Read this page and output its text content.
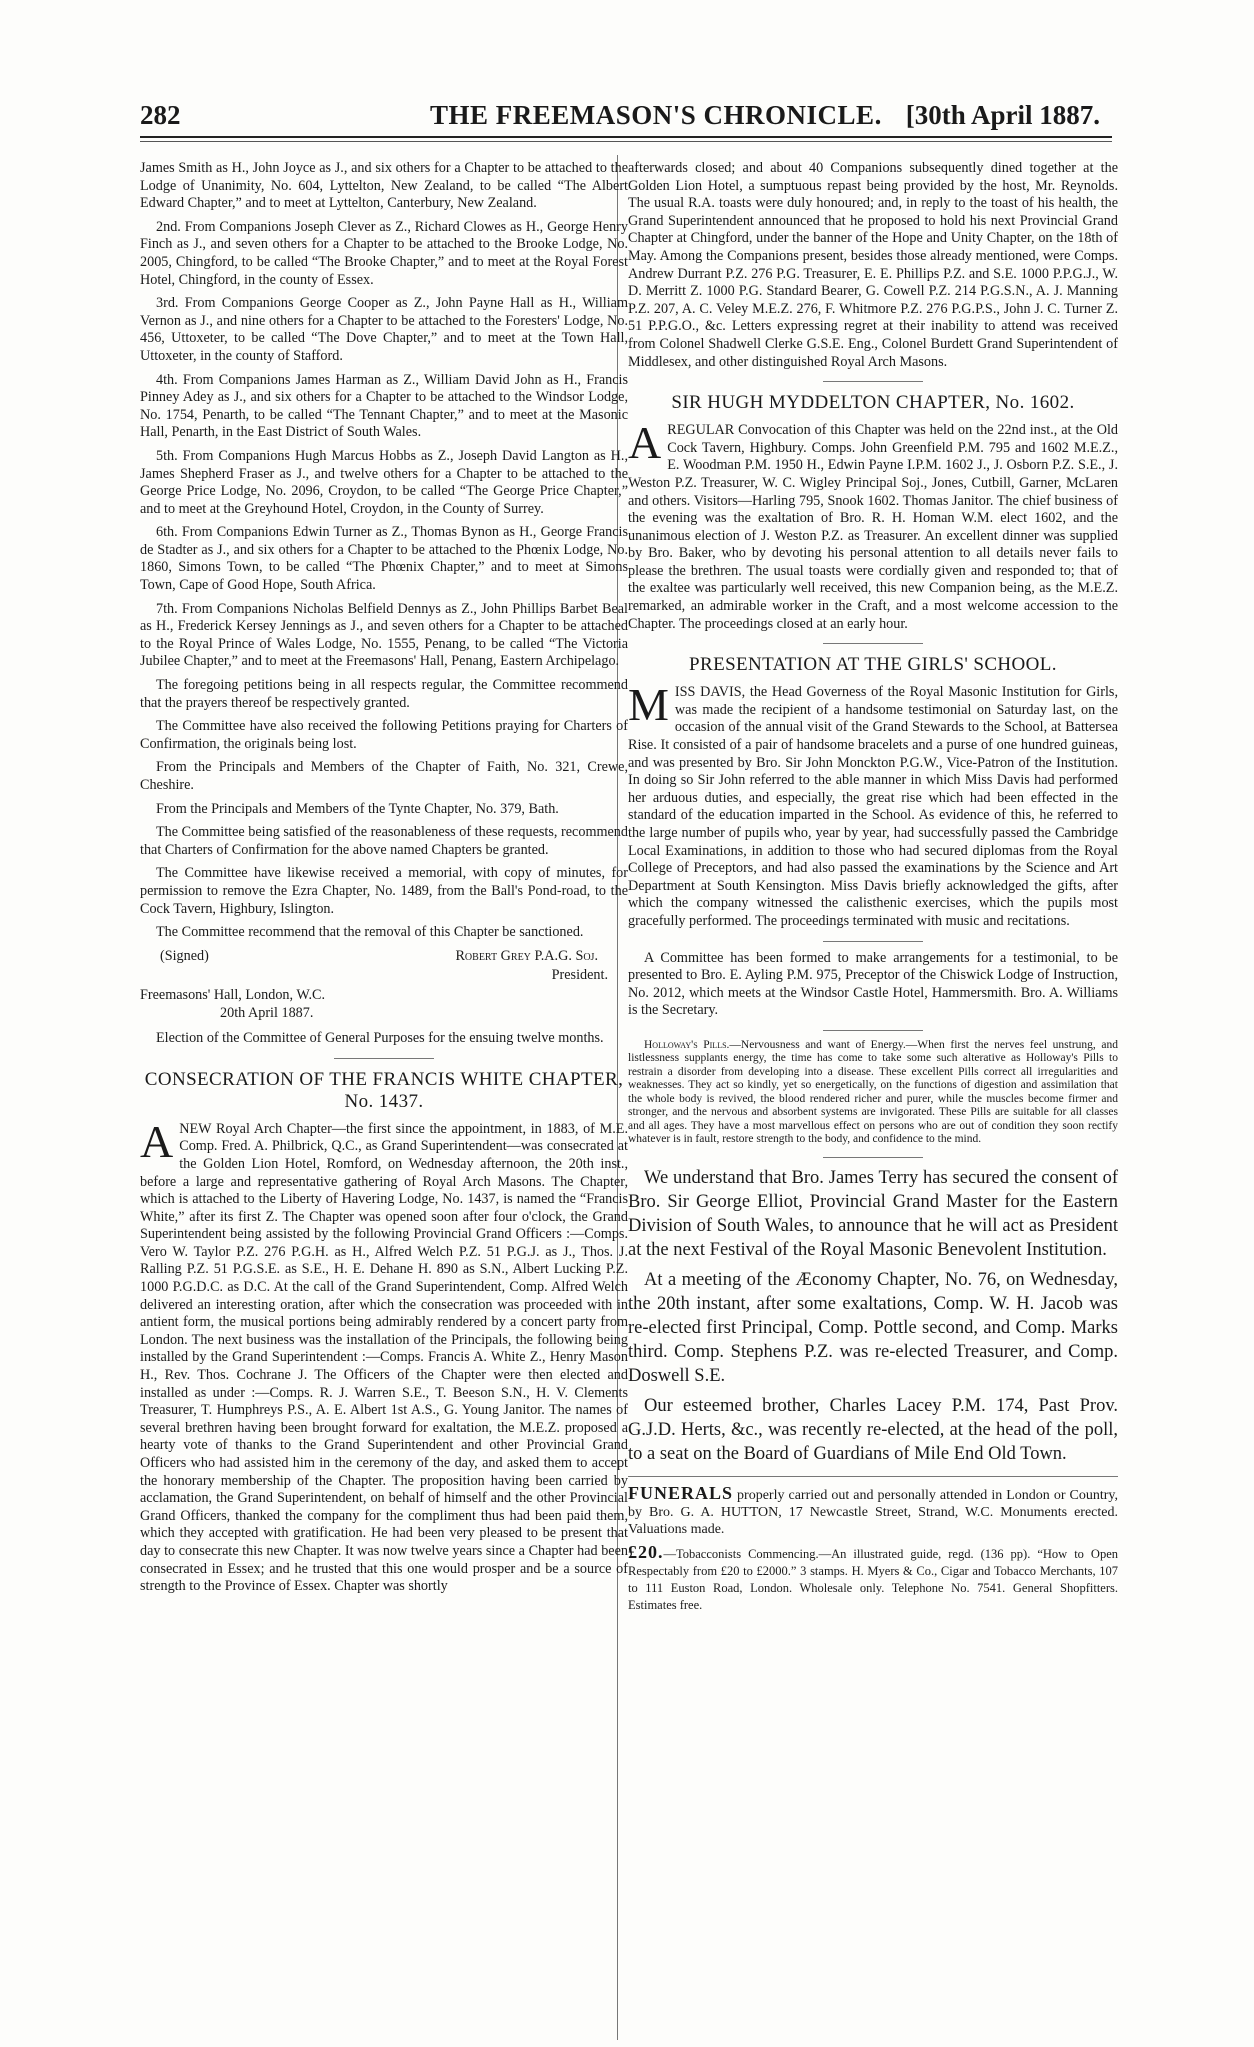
282	THE FREEMASON'S CHRONICLE. [30th April 1887.

James Smith as H., John Joyce as J., and six others for a Chapter to be attached to the Lodge of Unanimity, No. 604, Lyttelton, New Zealand, to be called “The Albert Edward Chapter,” and to meet at Lyttelton, Canterbury, New Zealand.

2nd. From Companions Joseph Clever as Z., Richard Clowes as H., George Henry Finch as J., and seven others for a Chapter to be attached to the Brooke Lodge, No. 2005, Chingford, to be called “The Brooke Chapter,” and to meet at the Royal Forest Hotel, Chingford, in the county of Essex.

3rd. From Companions George Cooper as Z., John Payne Hall as H., William Vernon as J., and nine others for a Chapter to be attached to the Foresters' Lodge, No. 456, Uttoxeter, to be called “The Dove Chapter,” and to meet at the Town Hall, Uttoxeter, in the county of Stafford.

4th. From Companions James Harman as Z., William David John as H., Francis Pinney Adey as J., and six others for a Chapter to be attached to the Windsor Lodge, No. 1754, Penarth, to be called “The Tennant Chapter,” and to meet at the Masonic Hall, Penarth, in the East District of South Wales.

5th. From Companions Hugh Marcus Hobbs as Z., Joseph David Langton as H., James Shepherd Fraser as J., and twelve others for a Chapter to be attached to the George Price Lodge, No. 2096, Croydon, to be called “The George Price Chapter,” and to meet at the Greyhound Hotel, Croydon, in the County of Surrey.

6th. From Companions Edwin Turner as Z., Thomas Bynon as H., George Francis de Stadter as J., and six others for a Chapter to be attached to the Phœnix Lodge, No. 1860, Simons Town, to be called “The Phœnix Chapter,” and to meet at Simons Town, Cape of Good Hope, South Africa.

7th. From Companions Nicholas Belfield Dennys as Z., John Phillips Barbet Beal as H., Frederick Kersey Jennings as J., and seven others for a Chapter to be attached to the Royal Prince of Wales Lodge, No. 1555, Penang, to be called “The Victoria Jubilee Chapter,” and to meet at the Freemasons' Hall, Penang, Eastern Archipelago.

The foregoing petitions being in all respects regular, the Committee recommend that the prayers thereof be respectively granted.

The Committee have also received the following Petitions praying for Charters of Confirmation, the originals being lost.

From the Principals and Members of the Chapter of Faith, No. 321, Crewe, Cheshire.

From the Principals and Members of the Tynte Chapter, No. 379, Bath.

The Committee being satisfied of the reasonableness of these requests, recommend that Charters of Confirmation for the above named Chapters be granted.

The Committee have likewise received a memorial, with copy of minutes, for permission to remove the Ezra Chapter, No. 1489, from the Ball's Pond-road, to the Cock Tavern, Highbury, Islington.

The Committee recommend that the removal of this Chapter be sanctioned.

(Signed)	Robert Grey P.A.G. Soj.
President.

Freemasons' Hall, London, W.C.

20th April 1887.

Election of the Committee of General Purposes for the ensuing twelve months.

CONSECRATION OF THE FRANCIS WHITE CHAPTER, No. 1437.

ANEW Royal Arch Chapter—the first since the appointment, in 1883, of M.E. Comp. Fred. A. Philbrick, Q.C., as Grand Superintendent—was consecrated at the Golden Lion Hotel, Romford, on Wednesday afternoon, the 20th inst., before a large and representative gathering of Royal Arch Masons. The Chapter, which is attached to the Liberty of Havering Lodge, No. 1437, is named the “Francis White,” after its first Z. The Chapter was opened soon after four o'clock, the Grand Superintendent being assisted by the following Provincial Grand Officers :—Comps. Vero W. Taylor P.Z. 276 P.G.H. as H., Alfred Welch P.Z. 51 P.G.J. as J., Thos. J. Ralling P.Z. 51 P.G.S.E. as S.E., H. E. Dehane H. 890 as S.N., Albert Lucking P.Z. 1000 P.G.D.C. as D.C. At the call of the Grand Superintendent, Comp. Alfred Welch delivered an interesting oration, after which the consecration was proceeded with in antient form, the musical portions being admirably rendered by a concert party from London. The next business was the installation of the Principals, the following being installed by the Grand Superintendent :—Comps. Francis A. White Z., Henry Mason H., Rev. Thos. Cochrane J. The Officers of the Chapter were then elected and installed as under :—Comps. R. J. Warren S.E., T. Beeson S.N., H. V. Clements Treasurer, T. Humphreys P.S., A. E. Albert 1st A.S., G. Young Janitor. The names of several brethren having been brought forward for exaltation, the M.E.Z. proposed a hearty vote of thanks to the Grand Superintendent and other Provincial Grand Officers who had assisted him in the ceremony of the day, and asked them to accept the honorary membership of the Chapter. The proposition having been carried by acclamation, the Grand Superintendent, on behalf of himself and the other Provincial Grand Officers, thanked the company for the compliment thus had been paid them, which they accepted with gratification. He had been very pleased to be present that day to consecrate this new Chapter. It was now twelve years since a Chapter had been consecrated in Essex; and he trusted that this one would prosper and be a source of strength to the Province of Essex. Chapter was shortly

afterwards closed; and about 40 Companions subsequently dined together at the Golden Lion Hotel, a sumptuous repast being provided by the host, Mr. Reynolds. The usual R.A. toasts were duly honoured; and, in reply to the toast of his health, the Grand Superintendent announced that he proposed to hold his next Provincial Grand Chapter at Chingford, under the banner of the Hope and Unity Chapter, on the 18th of May. Among the Companions present, besides those already mentioned, were Comps. Andrew Durrant P.Z. 276 P.G. Treasurer, E. E. Phillips P.Z. and S.E. 1000 P.P.G.J., W. D. Merritt Z. 1000 P.G. Standard Bearer, G. Cowell P.Z. 214 P.G.S.N., A. J. Manning P.Z. 207, A. C. Veley M.E.Z. 276, F. Whitmore P.Z. 276 P.G.P.S., John J. C. Turner Z. 51 P.P.G.O., &c. Letters expressing regret at their inability to attend was received from Colonel Shadwell Clerke G.S.E. Eng., Colonel Burdett Grand Superintendent of Middlesex, and other distinguished Royal Arch Masons.

SIR HUGH MYDDELTON CHAPTER, No. 1602.

AREGULAR Convocation of this Chapter was held on the 22nd inst., at the Old Cock Tavern, Highbury. Comps. John Greenfield P.M. 795 and 1602 M.E.Z., E. Woodman P.M. 1950 H., Edwin Payne I.P.M. 1602 J., J. Osborn P.Z. S.E., J. Weston P.Z. Treasurer, W. C. Wigley Principal Soj., Jones, Cutbill, Garner, McLaren and others. Visitors—Harling 795, Snook 1602. Thomas Janitor. The chief business of the evening was the exaltation of Bro. R. H. Homan W.M. elect 1602, and the unanimous election of J. Weston P.Z. as Treasurer. An excellent dinner was supplied by Bro. Baker, who by devoting his personal attention to all details never fails to please the brethren. The usual toasts were cordially given and responded to; that of the exaltee was particularly well received, this new Companion being, as the M.E.Z. remarked, an admirable worker in the Craft, and a most welcome accession to the Chapter. The proceedings closed at an early hour.

PRESENTATION AT THE GIRLS' SCHOOL.

MISS DAVIS, the Head Governess of the Royal Masonic Institution for Girls, was made the recipient of a handsome testimonial on Saturday last, on the occasion of the annual visit of the Grand Stewards to the School, at Battersea Rise. It consisted of a pair of handsome bracelets and a purse of one hundred guineas, and was presented by Bro. Sir John Monckton P.G.W., Vice-Patron of the Institution. In doing so Sir John referred to the able manner in which Miss Davis had performed her arduous duties, and especially, the great rise which had been effected in the standard of the education imparted in the School. As evidence of this, he referred to the large number of pupils who, year by year, had successfully passed the Cambridge Local Examinations, in addition to those who had secured diplomas from the Royal College of Preceptors, and had also passed the examinations by the Science and Art Department at South Kensington. Miss Davis briefly acknowledged the gifts, after which the company witnessed the calisthenic exercises, which the pupils most gracefully performed. The proceedings terminated with music and recitations.

A Committee has been formed to make arrangements for a testimonial, to be presented to Bro. E. Ayling P.M. 975, Preceptor of the Chiswick Lodge of Instruction, No. 2012, which meets at the Windsor Castle Hotel, Hammersmith. Bro. A. Williams is the Secretary.

Holloway's Pills.—Nervousness and want of Energy.—When first the nerves feel unstrung, and listlessness supplants energy, the time has come to take some such alterative as Holloway's Pills to restrain a disorder from developing into a disease. These excellent Pills correct all irregularities and weaknesses. They act so kindly, yet so energetically, on the functions of digestion and assimilation that the whole body is revived, the blood rendered richer and purer, while the muscles become firmer and stronger, and the nervous and absorbent systems are invigorated. These Pills are suitable for all classes and all ages. They have a most marvellous effect on persons who are out of condition they soon rectify whatever is in fault, restore strength to the body, and confidence to the mind.

We understand that Bro. James Terry has secured the consent of Bro. Sir George Elliot, Provincial Grand Master for the Eastern Division of South Wales, to announce that he will act as President at the next Festival of the Royal Masonic Benevolent Institution.

At a meeting of the Æconomy Chapter, No. 76, on Wednesday, the 20th instant, after some exaltations, Comp. W. H. Jacob was re-elected first Principal, Comp. Pottle second, and Comp. Marks third. Comp. Stephens P.Z. was re-elected Treasurer, and Comp. Doswell S.E.

Our esteemed brother, Charles Lacey P.M. 174, Past Prov. G.J.D. Herts, &c., was recently re-elected, at the head of the poll, to a seat on the Board of Guardians of Mile End Old Town.

FUNERALS properly carried out and personally attended in London or Country, by Bro. G. A. HUTTON, 17 Newcastle Street, Strand, W.C. Monuments erected. Valuations made.

£20.—Tobacconists Commencing.—An illustrated guide, regd. (136 pp). “How to Open Respectably from £20 to £2000.” 3 stamps. H. Myers & Co., Cigar and Tobacco Merchants, 107 to 111 Euston Road, London. Wholesale only. Telephone No. 7541. General Shopfitters. Estimates free.
